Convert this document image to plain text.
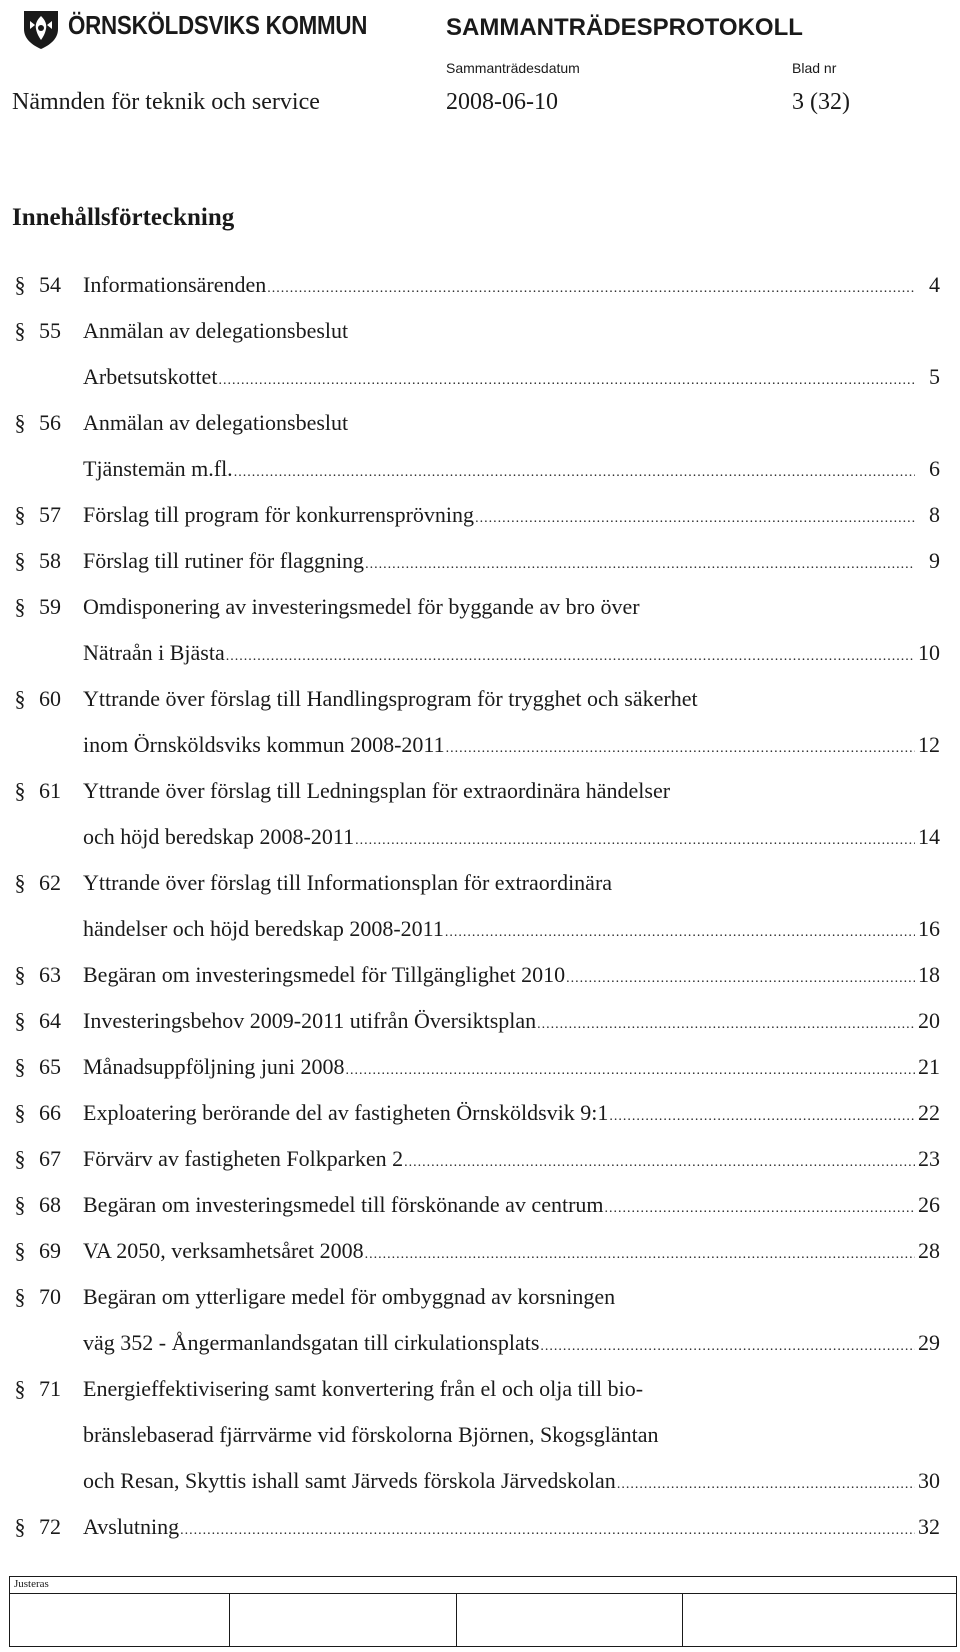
ÖRNSKÖLDSVIKS KOMMUN	SAMMANTRÄDESPROTOKOLL
Sammanträdesdatum	Blad nr
Nämnden för teknik och service	2008-06-10	3 (32)
Innehållsförteckning
§ 54	Informationsärenden .....	4
§ 55	Anmälan av delegationsbeslut
Arbetsutskottet .....	5
§ 56	Anmälan av delegationsbeslut
Tjänstemän m.fl. .....	6
§ 57	Förslag till program för konkurrensprövning .....	8
§ 58	Förslag till rutiner för flaggning .....	9
§ 59	Omdisponering av investeringsmedel för byggande av bro över
Nätraån i Bjästa .....	10
§ 60	Yttrande över förslag till Handlingsprogram för trygghet och säkerhet
inom Örnsköldsviks kommun 2008-2011 .....	12
§ 61	Yttrande över förslag till Ledningsplan för extraordinära händelser
och höjd beredskap 2008-2011 .....	14
§ 62	Yttrande över förslag till Informationsplan för extraordinära
händelser och höjd beredskap 2008-2011 .....	16
§ 63	Begäran om investeringsmedel för Tillgänglighet 2010 .....	18
§ 64	Investeringsbehov 2009-2011 utifrån Översiktsplan .....	20
§ 65	Månadsuppföljning juni 2008 .....	21
§ 66	Exploatering berörande del av fastigheten Örnsköldsvik 9:1 .....	22
§ 67	Förvärv av fastigheten Folkparken 2 .....	23
§ 68	Begäran om investeringsmedel till förskönande av centrum .....	26
§ 69	VA 2050, verksamhetsåret 2008 .....	28
§ 70	Begäran om ytterligare medel för ombyggnad av korsningen
väg 352 - Ångermanlandsgatan till cirkulationsplats .....	29
§ 71	Energieffektivisering samt konvertering från el och olja till bio-
bränslebaserad fjärrvärme vid förskolorna Björnen, Skogsgläntan
och Resan, Skyttis ishall samt Järveds förskola Järvedskolan .....	30
§ 72	Avslutning .....	32
Justeras
